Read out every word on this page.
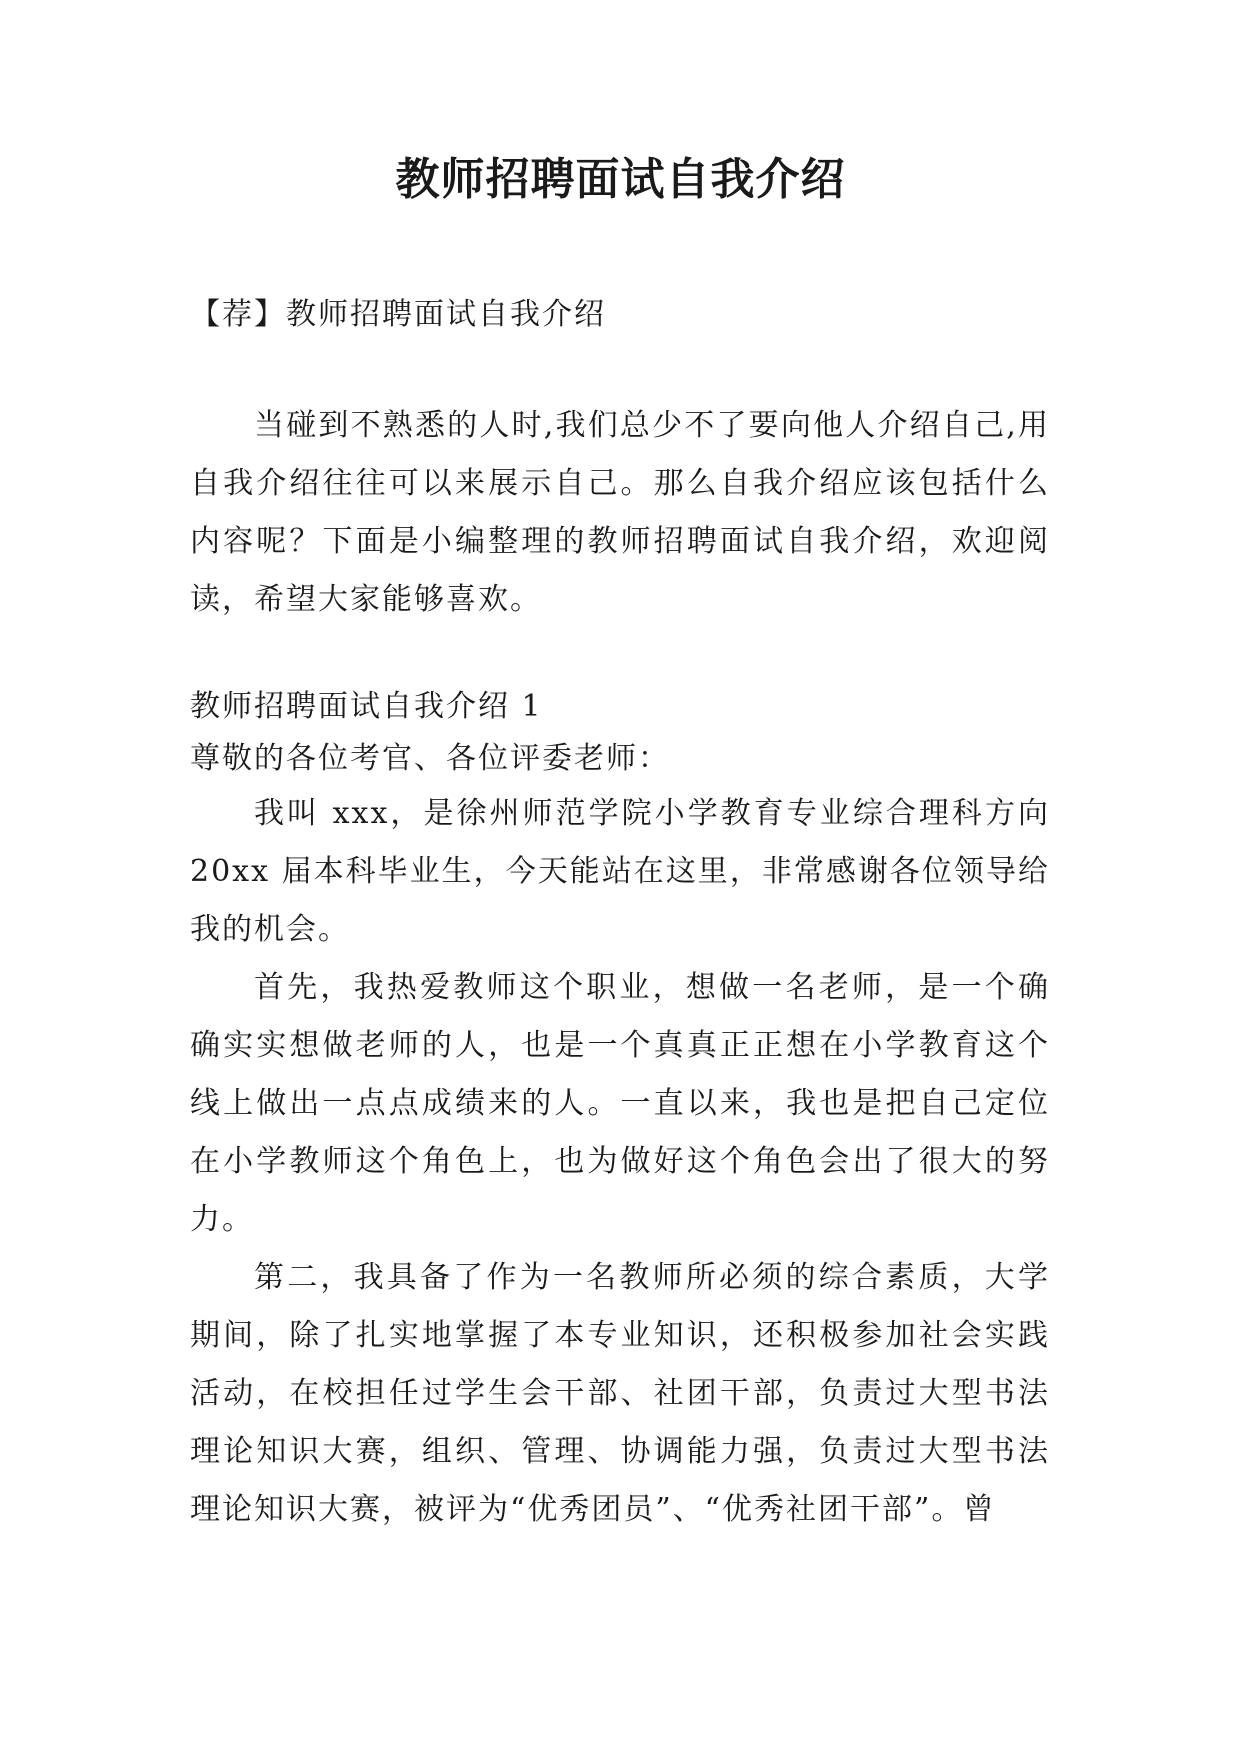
教师招聘面试自我介绍

【荐】教师招聘面试自我介绍

当碰到不熟悉的人时,我们总少不了要向他人介绍自己,用自我介绍往往可以来展示自己。那么自我介绍应该包括什么内容呢？下面是小编整理的教师招聘面试自我介绍，欢迎阅读，希望大家能够喜欢。

教师招聘面试自我介绍 1

尊敬的各位考官、各位评委老师：

我叫 xxx，是徐州师范学院小学教育专业综合理科方向 20xx 届本科毕业生，今天能站在这里，非常感谢各位领导给我的机会。

首先，我热爱教师这个职业，想做一名老师，是一个确确实实想做老师的人，也是一个真真正正想在小学教育这个线上做出一点点成绩来的人。一直以来，我也是把自己定位在小学教师这个角色上，也为做好这个角色会出了很大的努力。

第二，我具备了作为一名教师所必须的综合素质，大学期间，除了扎实地掌握了本专业知识，还积极参加社会实践活动，在校担任过学生会干部、社团干部，负责过大型书法理论知识大赛，组织、管理、协调能力强，负责过大型书法理论知识大赛，被评为“优秀团员”、“优秀社团干部”。曾
